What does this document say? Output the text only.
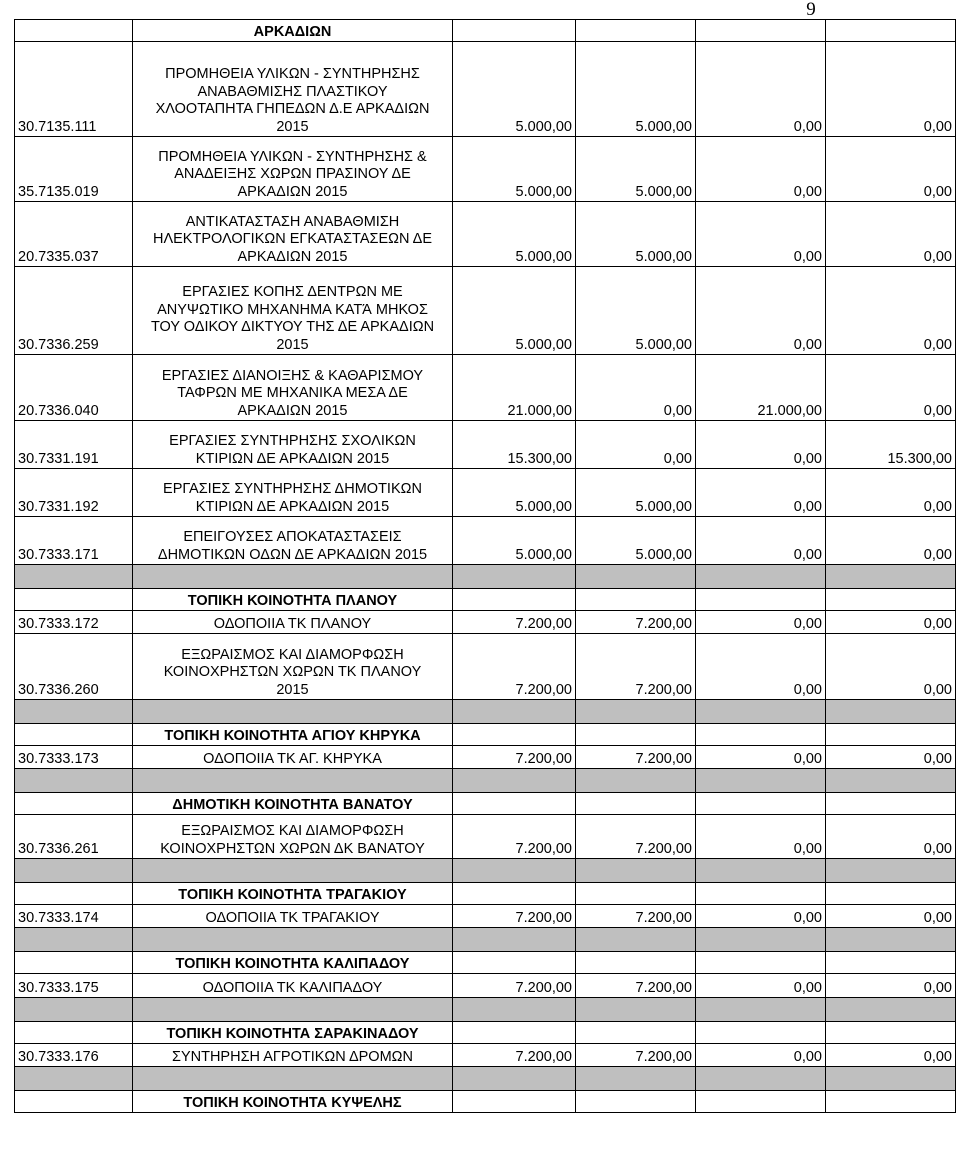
9
	ΑΡΚΑΔΙΩΝ				
30.7135.111	ΠΡΟΜΗΘΕΙΑ ΥΛΙΚΩΝ - ΣΥΝΤΗΡΗΣΗΣ
ΑΝΑΒΑΘΜΙΣΗΣ ΠΛΑΣΤΙΚΟΥ
ΧΛΟΟΤΑΠΗΤΑ ΓΗΠΕΔΩΝ Δ.Ε ΑΡΚΑΔΙΩΝ
2015	5.000,00	5.000,00	0,00	0,00
35.7135.019	ΠΡΟΜΗΘΕΙΑ ΥΛΙΚΩΝ - ΣΥΝΤΗΡΗΣΗΣ &
ΑΝΑΔΕΙΞΗΣ ΧΩΡΩΝ ΠΡΑΣΙΝΟΥ ΔΕ
ΑΡΚΑΔΙΩΝ 2015	5.000,00	5.000,00	0,00	0,00
20.7335.037	ΑΝΤΙΚΑΤΑΣΤΑΣΗ ΑΝΑΒΑΘΜΙΣΗ
ΗΛΕΚΤΡΟΛΟΓΙΚΩΝ ΕΓΚΑΤΑΣΤΑΣΕΩΝ ΔΕ
ΑΡΚΑΔΙΩΝ 2015	5.000,00	5.000,00	0,00	0,00
30.7336.259	ΕΡΓΑΣΙΕΣ ΚΟΠΗΣ ΔΕΝΤΡΩΝ ΜΕ
ΑΝΥΨΩΤΙΚΟ ΜΗΧΑΝΗΜΑ ΚΑΤΆ ΜΗΚΟΣ
ΤΟΥ ΟΔΙΚΟΥ ΔΙΚΤΥΟΥ ΤΗΣ ΔΕ ΑΡΚΑΔΙΩΝ
2015	5.000,00	5.000,00	0,00	0,00
20.7336.040	ΕΡΓΑΣΙΕΣ ΔΙΑΝΟΙΞΗΣ & ΚΑΘΑΡΙΣΜΟΥ
ΤΑΦΡΩΝ ΜΕ ΜΗΧΑΝΙΚΑ ΜΕΣΑ ΔΕ
ΑΡΚΑΔΙΩΝ 2015	21.000,00	0,00	21.000,00	0,00
30.7331.191	ΕΡΓΑΣΙΕΣ ΣΥΝΤΗΡΗΣΗΣ ΣΧΟΛΙΚΩΝ
ΚΤΙΡΙΩΝ ΔΕ ΑΡΚΑΔΙΩΝ 2015	15.300,00	0,00	0,00	15.300,00
30.7331.192	ΕΡΓΑΣΙΕΣ ΣΥΝΤΗΡΗΣΗΣ ΔΗΜΟΤΙΚΩΝ
ΚΤΙΡΙΩΝ ΔΕ ΑΡΚΑΔΙΩΝ 2015	5.000,00	5.000,00	0,00	0,00
30.7333.171	ΕΠΕΙΓΟΥΣΕΣ ΑΠΟΚΑΤΑΣΤΑΣΕΙΣ
ΔΗΜΟΤΙΚΩΝ ΟΔΩΝ ΔΕ ΑΡΚΑΔΙΩΝ 2015	5.000,00	5.000,00	0,00	0,00

	ΤΟΠΙΚΗ ΚΟΙΝΟΤΗΤΑ ΠΛΑΝΟΥ				
30.7333.172	ΟΔΟΠΟΙΙΑ ΤΚ ΠΛΑΝΟΥ	7.200,00	7.200,00	0,00	0,00
30.7336.260	ΕΞΩΡΑΙΣΜΟΣ ΚΑΙ ΔΙΑΜΟΡΦΩΣΗ
ΚΟΙΝΟΧΡΗΣΤΩΝ ΧΩΡΩΝ ΤΚ ΠΛΑΝΟΥ
2015	7.200,00	7.200,00	0,00	0,00

	ΤΟΠΙΚΗ ΚΟΙΝΟΤΗΤΑ ΑΓΙΟΥ ΚΗΡΥΚΑ				
30.7333.173	ΟΔΟΠΟΙΙΑ ΤΚ ΑΓ. ΚΗΡΥΚΑ	7.200,00	7.200,00	0,00	0,00

	ΔΗΜΟΤΙΚΗ ΚΟΙΝΟΤΗΤΑ ΒΑΝΑΤΟΥ				
30.7336.261	ΕΞΩΡΑΙΣΜΟΣ ΚΑΙ ΔΙΑΜΟΡΦΩΣΗ
ΚΟΙΝΟΧΡΗΣΤΩΝ ΧΩΡΩΝ ΔΚ ΒΑΝΑΤΟΥ	7.200,00	7.200,00	0,00	0,00

	ΤΟΠΙΚΗ ΚΟΙΝΟΤΗΤΑ ΤΡΑΓΑΚΙΟΥ				
30.7333.174	ΟΔΟΠΟΙΙΑ ΤΚ ΤΡΑΓΑΚΙΟΥ	7.200,00	7.200,00	0,00	0,00

	ΤΟΠΙΚΗ ΚΟΙΝΟΤΗΤΑ ΚΑΛΙΠΑΔΟΥ				
30.7333.175	ΟΔΟΠΟΙΙΑ ΤΚ ΚΑΛΙΠΑΔΟΥ	7.200,00	7.200,00	0,00	0,00

	ΤΟΠΙΚΗ ΚΟΙΝΟΤΗΤΑ ΣΑΡΑΚΙΝΑΔΟΥ				
30.7333.176	ΣΥΝΤΗΡΗΣΗ ΑΓΡΟΤΙΚΩΝ ΔΡΟΜΩΝ	7.200,00	7.200,00	0,00	0,00

	ΤΟΠΙΚΗ ΚΟΙΝΟΤΗΤΑ ΚΥΨΕΛΗΣ				
